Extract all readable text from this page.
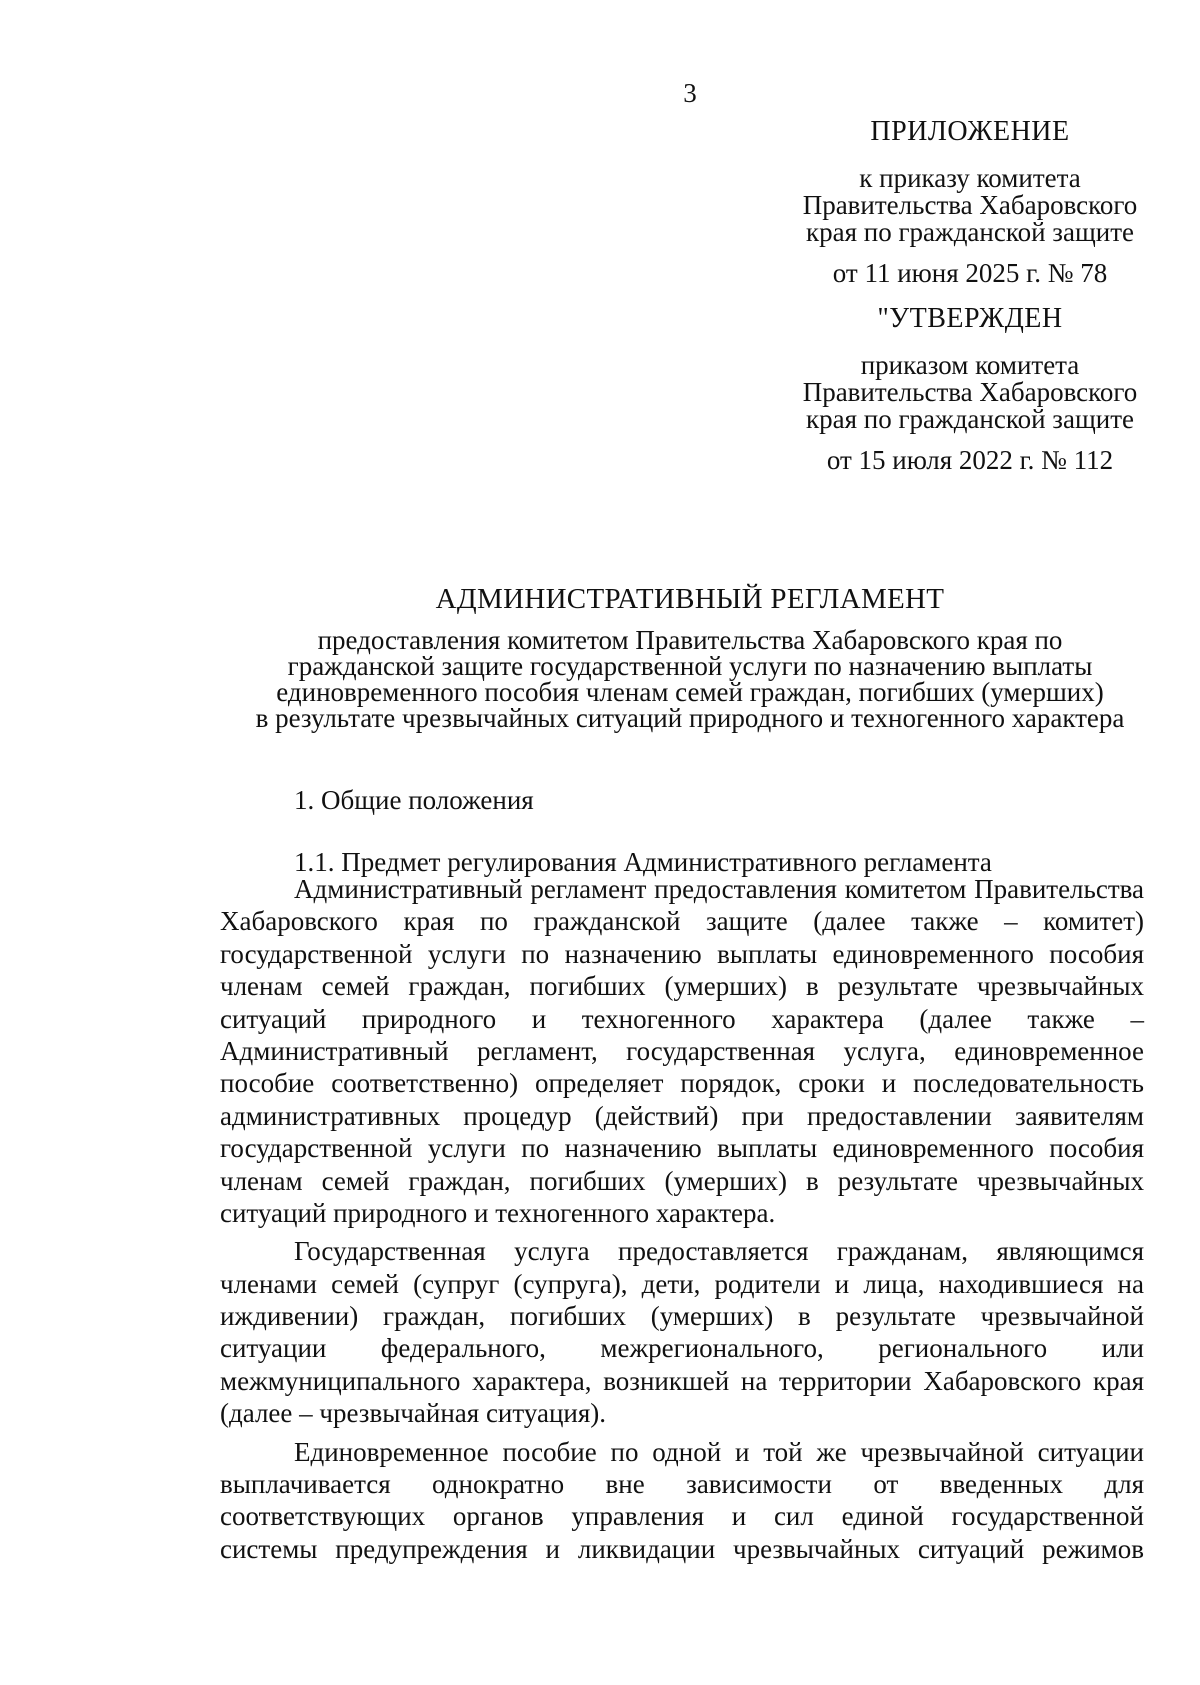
3
ПРИЛОЖЕНИЕ
к приказу комитета
Правительства Хабаровского
края по гражданской защите
от 11 июня 2025 г. № 78
"УТВЕРЖДЕН
приказом комитета
Правительства Хабаровского
края по гражданской защите
от 15 июля 2022 г. № 112
АДМИНИСТРАТИВНЫЙ РЕГЛАМЕНТ
предоставления комитетом Правительства Хабаровского края по
гражданской защите государственной услуги по назначению выплаты
единовременного пособия членам семей граждан, погибших (умерших)
в результате чрезвычайных ситуаций природного и техногенного характера
1. Общие положения
1.1. Предмет регулирования Административного регламента
Административный регламент предоставления комитетом Правительства
Хабаровского края по гражданской защите (далее также – комитет)
государственной услуги по назначению выплаты единовременного пособия
членам семей граждан, погибших (умерших) в результате чрезвычайных
ситуаций природного и техногенного характера (далее также –
Административный регламент, государственная услуга, единовременное
пособие соответственно) определяет порядок, сроки и последовательность
административных процедур (действий) при предоставлении заявителям
государственной услуги по назначению выплаты единовременного пособия
членам семей граждан, погибших (умерших) в результате чрезвычайных
ситуаций природного и техногенного характера.
Государственная услуга предоставляется гражданам, являющимся
членами семей (супруг (супруга), дети, родители и лица, находившиеся на
иждивении) граждан, погибших (умерших) в результате чрезвычайной
ситуации федерального, межрегионального, регионального или
межмуниципального характера, возникшей на территории Хабаровского края
(далее – чрезвычайная ситуация).
Единовременное пособие по одной и той же чрезвычайной ситуации
выплачивается однократно вне зависимости от введенных для
соответствующих органов управления и сил единой государственной
системы предупреждения и ликвидации чрезвычайных ситуаций режимов
